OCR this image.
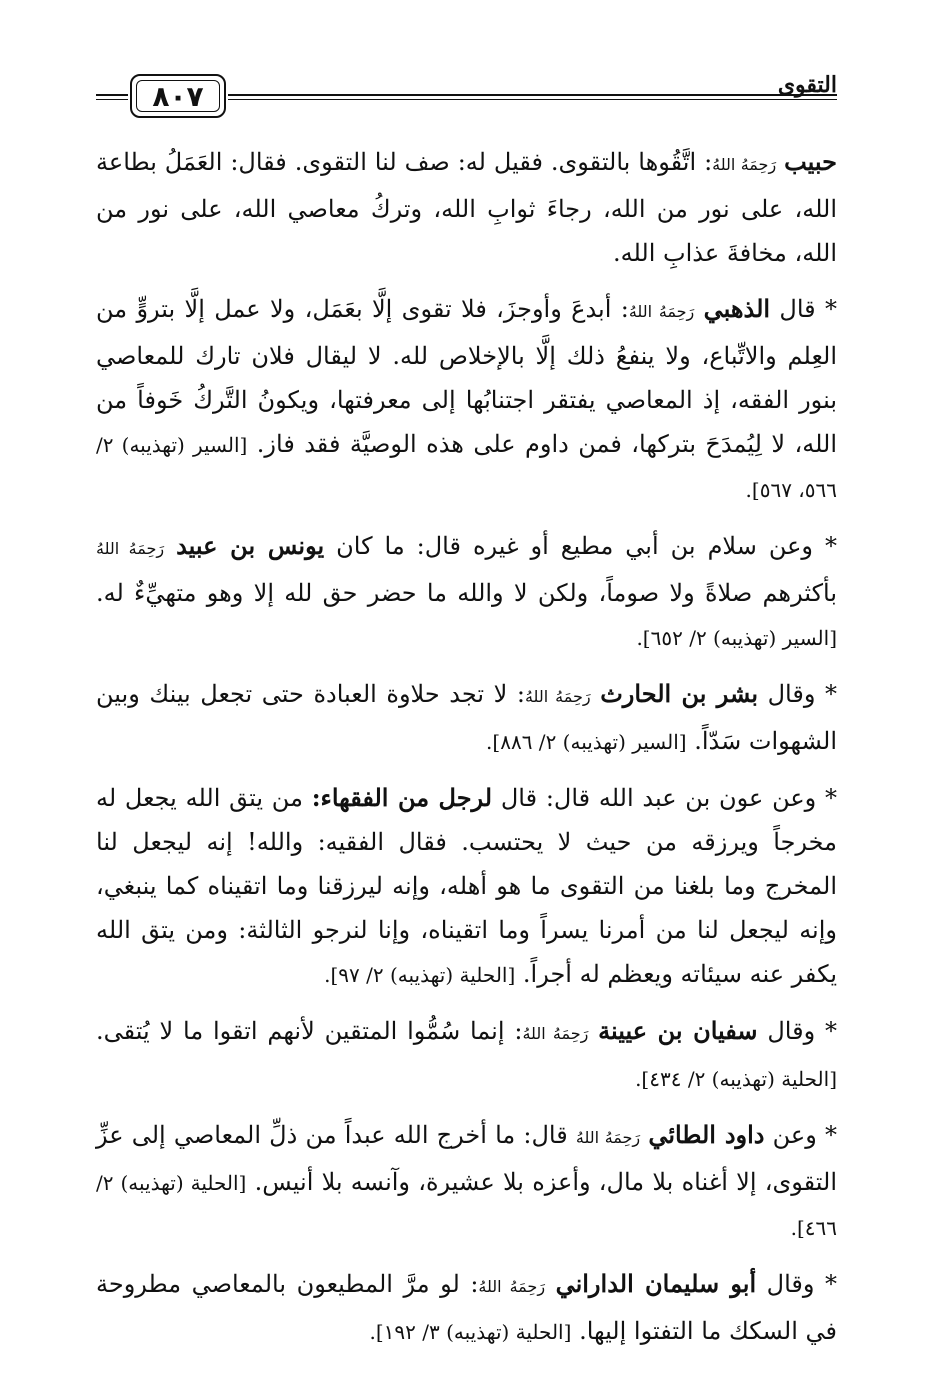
التقوى
٨٠٧

حبيب رَحِمَهُ اللهُ: اتَّقُوها بالتقوى. فقيل له: صف لنا التقوى. فقال: العَمَلُ بطاعة الله، على نور من الله، رجاءَ ثوابِ الله، وتركُ معاصي الله، على نور من الله، مخافةَ عذابِ الله.

* قال الذهبي رَحِمَهُ اللهُ: أبدعَ وأوجزَ، فلا تقوى إلَّا بعَمَل، ولا عمل إلَّا بتروٍّ من العِلم والاتِّباع، ولا ينفعُ ذلك إلَّا بالإخلاص لله. لا ليقال فلان تارك للمعاصي بنور الفقه، إذ المعاصي يفتقر اجتنابُها إلى معرفتها، ويكونُ التَّركُ خَوفاً من الله، لا لِيُمدَحَ بتركها، فمن داوم على هذه الوصيَّة فقد فاز. [السير (تهذيبه) ٢/ ٥٦٦، ٥٦٧].

* وعن سلام بن أبي مطيع أو غيره قال: ما كان يونس بن عبيد رَحِمَهُ اللهُ بأكثرهم صلاةً ولا صوماً، ولكن لا والله ما حضر حق لله إلا وهو متهيِّءٌ له. [السير (تهذيبه) ٢/ ٦٥٢].

* وقال بشر بن الحارث رَحِمَهُ اللهُ: لا تجد حلاوة العبادة حتى تجعل بينك وبين الشهوات سَدّاً. [السير (تهذيبه) ٢/ ٨٨٦].

* وعن عون بن عبد الله قال: قال لرجل من الفقهاء: من يتق الله يجعل له مخرجاً ويرزقه من حيث لا يحتسب. فقال الفقيه: والله! إنه ليجعل لنا المخرج وما بلغنا من التقوى ما هو أهله، وإنه ليرزقنا وما اتقيناه كما ينبغي، وإنه ليجعل لنا من أمرنا يسراً وما اتقيناه، وإنا لنرجو الثالثة: ومن يتق الله يكفر عنه سيئاته ويعظم له أجراً. [الحلية (تهذيبه) ٢/ ٩٧].

* وقال سفيان بن عيينة رَحِمَهُ اللهُ: إنما سُمُّوا المتقين لأنهم اتقوا ما لا يُتقى. [الحلية (تهذيبه) ٢/ ٤٣٤].

* وعن داود الطائي رَحِمَهُ اللهُ قال: ما أخرج الله عبداً من ذلِّ المعاصي إلى عزِّ التقوى، إلا أغناه بلا مال، وأعزه بلا عشيرة، وآنسه بلا أنيس. [الحلية (تهذيبه) ٢/ ٤٦٦].

* وقال أبو سليمان الداراني رَحِمَهُ اللهُ: لو مرَّ المطيعون بالمعاصي مطروحة في السكك ما التفتوا إليها. [الحلية (تهذيبه) ٣/ ١٩٢].
